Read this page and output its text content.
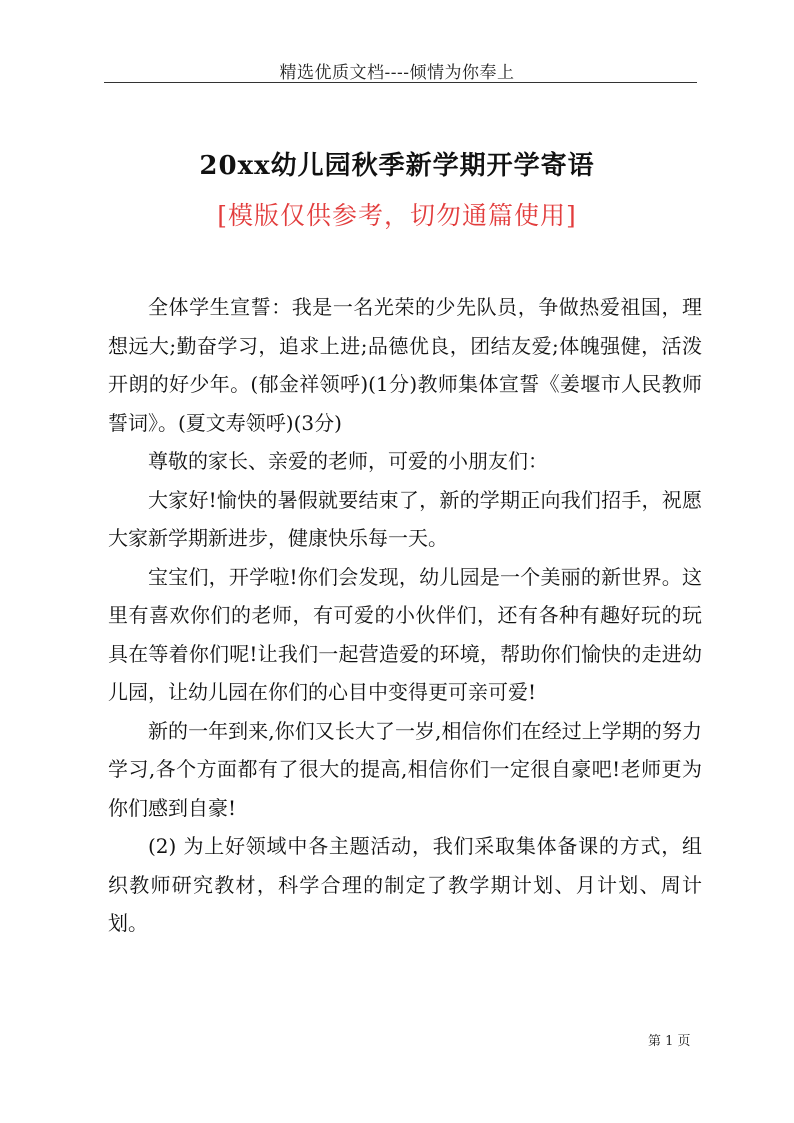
精选优质文档----倾情为你奉上
20xx幼儿园秋季新学期开学寄语
[模版仅供参考，切勿通篇使用]

全体学生宣誓：我是一名光荣的少先队员，争做热爱祖国，理想远大;勤奋学习，追求上进;品德优良，团结友爱;体魄强健，活泼开朗的好少年。(郁金祥领呼)(1分)教师集体宣誓《姜堰市人民教师誓词》。(夏文寿领呼)(3分)

尊敬的家长、亲爱的老师，可爱的小朋友们：

大家好!愉快的暑假就要结束了，新的学期正向我们招手，祝愿大家新学期新进步，健康快乐每一天。

宝宝们，开学啦!你们会发现，幼儿园是一个美丽的新世界。这里有喜欢你们的老师，有可爱的小伙伴们，还有各种有趣好玩的玩具在等着你们呢!让我们一起营造爱的环境，帮助你们愉快的走进幼儿园，让幼儿园在你们的心目中变得更可亲可爱!

新的一年到来,你们又长大了一岁,相信你们在经过上学期的努力学习,各个方面都有了很大的提高,相信你们一定很自豪吧!老师更为你们感到自豪!

(2) 为上好领域中各主题活动，我们采取集体备课的方式，组织教师研究教材，科学合理的制定了教学期计划、月计划、周计划。

第 1 页
